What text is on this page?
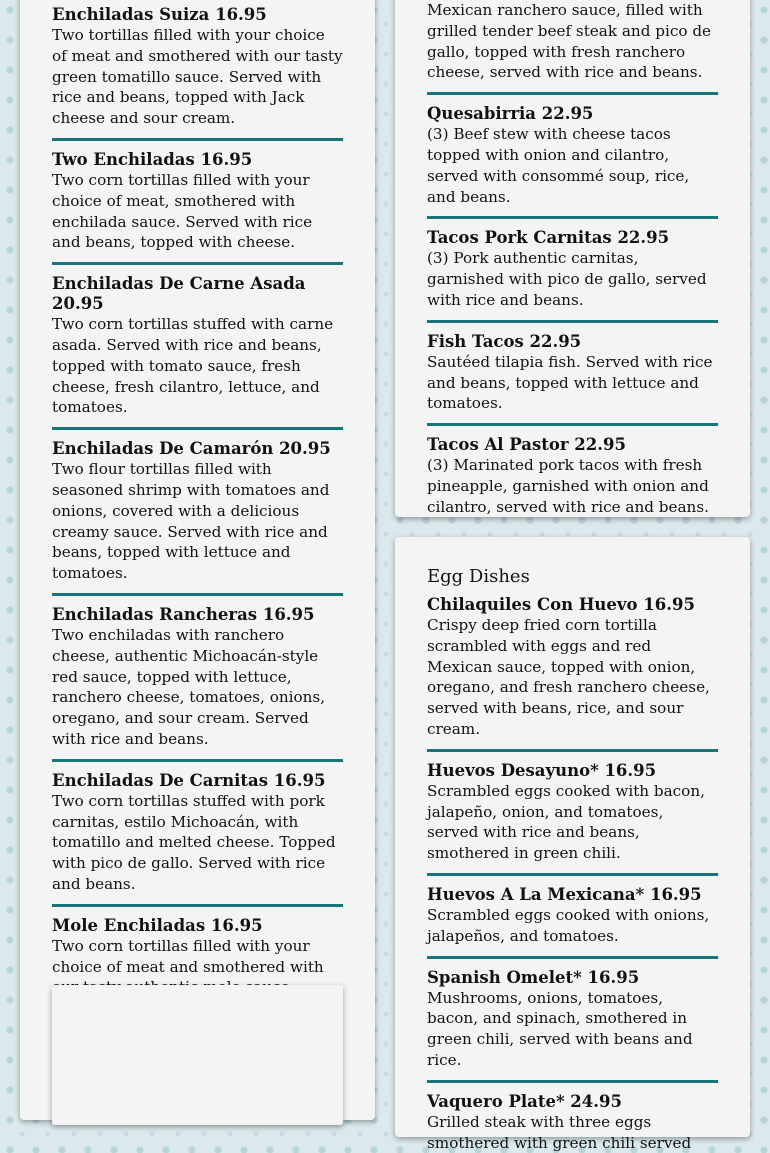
Enchiladas Suiza 16.95

Two tortillas filled with your choice of meat and smothered with our tasty green tomatillo sauce. Served with rice and beans, topped with Jack cheese and sour cream.

Two Enchiladas 16.95

Two corn tortillas filled with your choice of meat, smothered with enchilada sauce. Served with rice and beans, topped with cheese.

Enchiladas De Carne Asada 20.95

Two corn tortillas stuffed with carne asada. Served with rice and beans, topped with tomato sauce, fresh cheese, fresh cilantro, lettuce, and tomatoes.

Enchiladas De Camarón 20.95

Two flour tortillas filled with seasoned shrimp with tomatoes and onions, covered with a delicious creamy sauce. Served with rice and beans, topped with lettuce and tomatoes.

Enchiladas Rancheras 16.95

Two enchiladas with ranchero cheese, authentic Michoacán-style red sauce, topped with lettuce, ranchero cheese, tomatoes, onions, oregano, and sour cream. Served with rice and beans.

Enchiladas De Carnitas 16.95

Two corn tortillas stuffed with pork carnitas, estilo Michoacán, with tomatillo and melted cheese. Topped with pico de gallo. Served with rice and beans.

Mole Enchiladas 16.95

Two corn tortillas filled with your choice of meat and smothered with

Mexican ranchero sauce, filled with grilled tender beef steak and pico de gallo, topped with fresh ranchero cheese, served with rice and beans.

Quesabirria 22.95

(3) Beef stew with cheese tacos topped with onion and cilantro, served with consommé soup, rice, and beans.

Tacos Pork Carnitas 22.95

(3) Pork authentic carnitas, garnished with pico de gallo, served with rice and beans.

Fish Tacos 22.95

Sautéed tilapia fish. Served with rice and beans, topped with lettuce and tomatoes.

Tacos Al Pastor 22.95

(3) Marinated pork tacos with fresh pineapple, garnished with onion and cilantro, served with rice and beans.

Egg Dishes

Chilaquiles Con Huevo 16.95

Crispy deep fried corn tortilla scrambled with eggs and red Mexican sauce, topped with onion, oregano, and fresh ranchero cheese, served with beans, rice, and sour cream.

Huevos Desayuno* 16.95

Scrambled eggs cooked with bacon, jalapeño, onion, and tomatoes, served with rice and beans, smothered in green chili.

Huevos A La Mexicana* 16.95

Scrambled eggs cooked with onions, jalapeños, and tomatoes.

Spanish Omelet* 16.95

Mushrooms, onions, tomatoes, bacon, and spinach, smothered in green chili, served with beans and rice.

Vaquero Plate* 24.95

Grilled steak with three eggs smothered with green chili served
